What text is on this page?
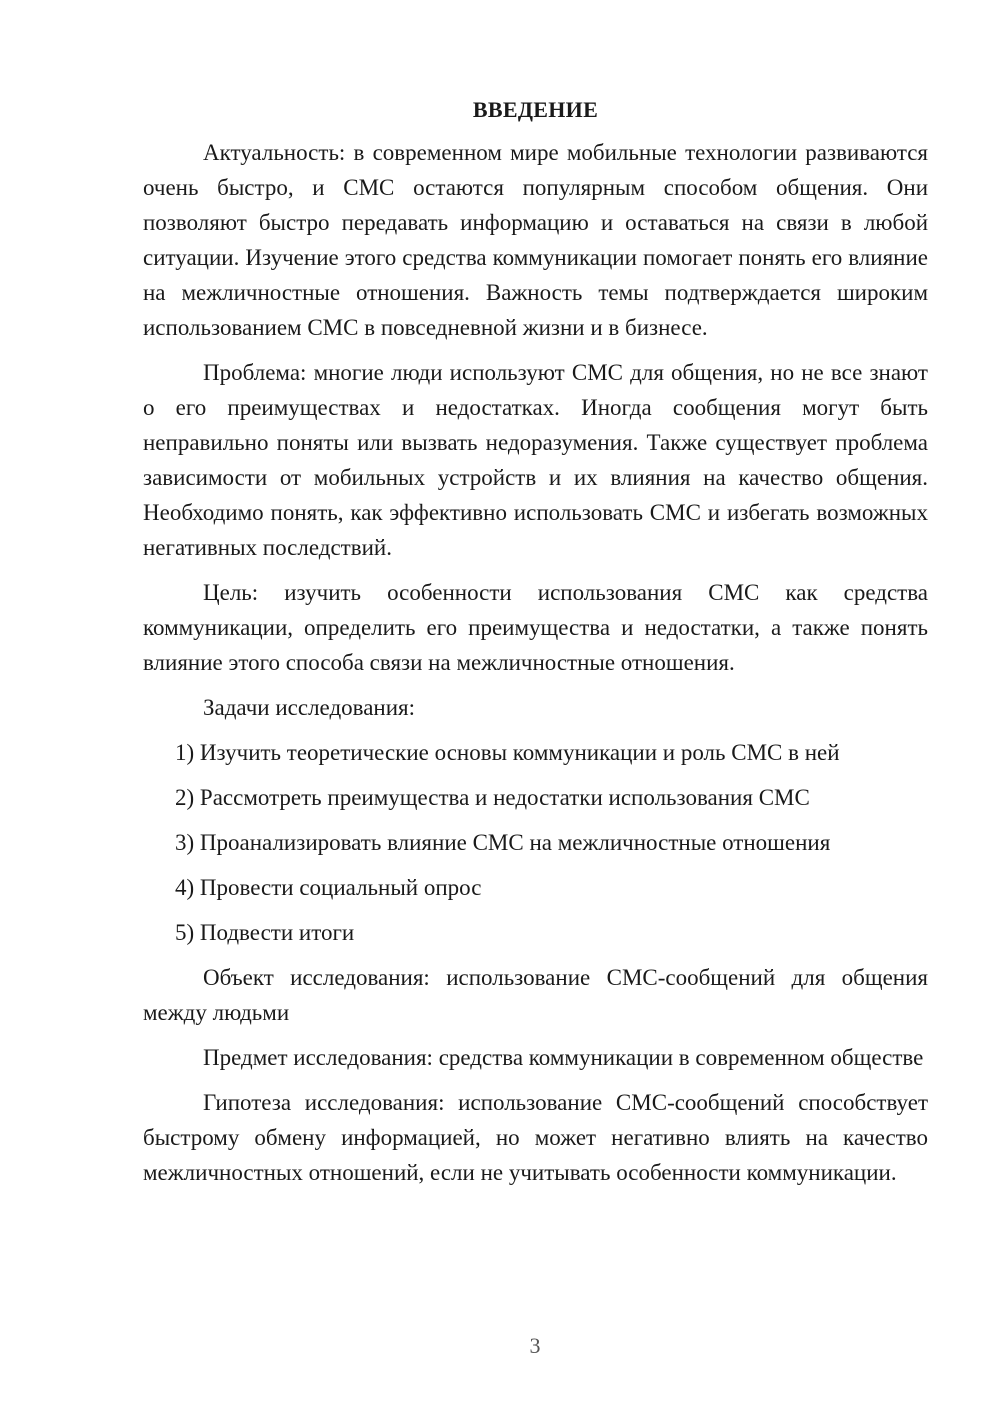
ВВЕДЕНИЕ

Актуальность: в современном мире мобильные технологии развиваются очень быстро, и СМС остаются популярным способом общения. Они позволяют быстро передавать информацию и оставаться на связи в любой ситуации. Изучение этого средства коммуникации помогает понять его влияние на межличностные отношения. Важность темы подтверждается широким использованием СМС в повседневной жизни и в бизнесе.

Проблема: многие люди используют СМС для общения, но не все знают о его преимуществах и недостатках. Иногда сообщения могут быть неправильно поняты или вызвать недоразумения. Также существует проблема зависимости от мобильных устройств и их влияния на качество общения. Необходимо понять, как эффективно использовать СМС и избегать возможных негативных последствий.

Цель: изучить особенности использования СМС как средства коммуникации, определить его преимущества и недостатки, а также понять влияние этого способа связи на межличностные отношения.

Задачи исследования:

1) Изучить теоретические основы коммуникации и роль СМС в ней

2) Рассмотреть преимущества и недостатки использования СМС

3) Проанализировать влияние СМС на межличностные отношения

4) Провести социальный опрос

5) Подвести итоги

Объект исследования: использование СМС-сообщений для общения между людьми

Предмет исследования: средства коммуникации в современном обществе

Гипотеза исследования: использование СМС-сообщений способствует быстрому обмену информацией, но может негативно влиять на качество межличностных отношений, если не учитывать особенности коммуникации.

3
